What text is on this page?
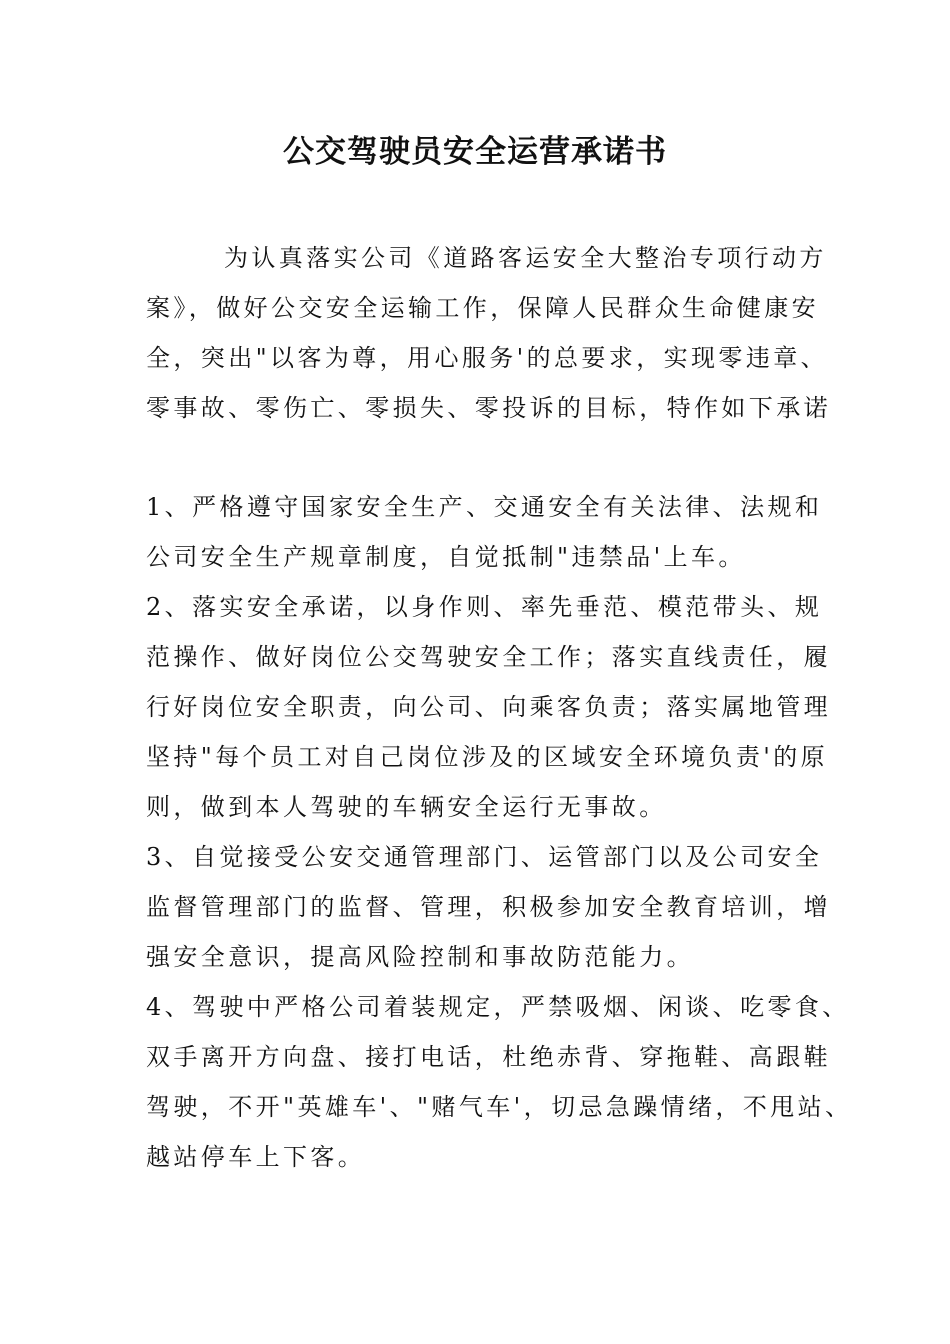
公交驾驶员安全运营承诺书
为认真落实公司《道路客运安全大整治专项行动方
案》，做好公交安全运输工作，保障人民群众生命健康安
全，突出"以客为尊，用心服务'的总要求，实现零违章、
零事故、零伤亡、零损失、零投诉的目标，特作如下承诺
1、严格遵守国家安全生产、交通安全有关法律、法规和
公司安全生产规章制度，自觉抵制"违禁品'上车。
2、落实安全承诺，以身作则、率先垂范、模范带头、规
范操作、做好岗位公交驾驶安全工作；落实直线责任，履
行好岗位安全职责，向公司、向乘客负责；落实属地管理
坚持"每个员工对自己岗位涉及的区域安全环境负责'的原
则，做到本人驾驶的车辆安全运行无事故。
3、自觉接受公安交通管理部门、运管部门以及公司安全
监督管理部门的监督、管理，积极参加安全教育培训，增
强安全意识，提高风险控制和事故防范能力。
4、驾驶中严格公司着装规定，严禁吸烟、闲谈、吃零食、
双手离开方向盘、接打电话，杜绝赤背、穿拖鞋、高跟鞋
驾驶，不开"英雄车'、"赌气车'，切忌急躁情绪，不甩站、
越站停车上下客。
